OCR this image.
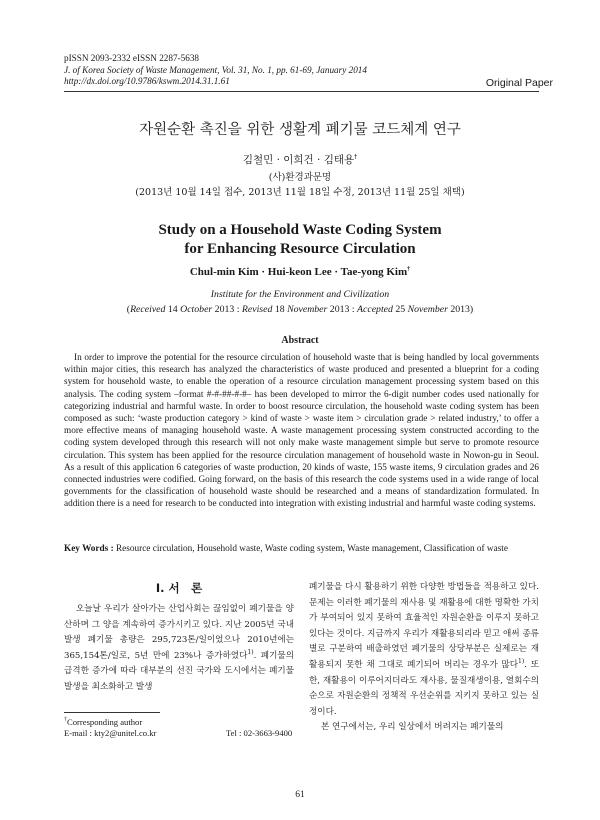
pISSN 2093-2332 eISSN 2287-5638
J. of Korea Society of Waste Management, Vol. 31, No. 1, pp. 61-69, January 2014
http://dx.doi.org/10.9786/kswm.2014.31.1.61	Original Paper
자원순환 촉진을 위한 생활계 폐기물 코드체계 연구
김철민 · 이희건 · 김태용†
(사)환경과문명
(2013년 10월 14일 접수, 2013년 11월 18일 수정, 2013년 11월 25일 채택)
Study on a Household Waste Coding System
for Enhancing Resource Circulation
Chul-min Kim · Hui-keon Lee · Tae-yong Kim†
Institute for the Environment and Civilization
(Received 14 October 2013 : Revised 18 November 2013 : Accepted 25 November 2013)
Abstract

In order to improve the potential for the resource circulation of household waste that is being handled by local governments within major cities, this research has analyzed the characteristics of waste produced and presented a blueprint for a coding system for household waste, to enable the operation of a resource circulation management processing system based on this analysis. The coding system –format #-#-##-#-#– has been developed to mirror the 6-digit number codes used nationally for categorizing industrial and harmful waste. In order to boost resource circulation, the household waste coding system has been composed as such: ‘waste production category > kind of waste > waste item > circulation grade > related industry,’ to offer a more effective means of managing household waste. A waste management processing system constructed according to the coding system developed through this research will not only make waste management simple but serve to promote resource circulation. This system has been applied for the resource circulation management of household waste in Nowon-gu in Seoul. As a result of this application 6 categories of waste production, 20 kinds of waste, 155 waste items, 9 circulation grades and 26 connected industries were codified. Going forward, on the basis of this research the code systems used in a wide range of local governments for the classification of household waste should be researched and a means of standardization formulated. In addition there is a need for research to be conducted into integration with existing industrial and harmful waste coding systems.

Key Words : Resource circulation, Household waste, Waste coding system, Waste management, Classification of waste
I. 서　론

오늘날 우리가 살아가는 산업사회는 끊임없이 폐기물을 양산하며 그 양을 계속하여 증가시키고 있다. 지난 2005년 국내 발생 폐기물 총량은 295,723톤/일이었으나 2010년에는 365,154톤/일로, 5년 만에 23%나 증가하였다$^{1)}$. 폐기물의 급격한 증가에 따라 대부분의 선진 국가와 도시에서는 폐기물 발생을 최소화하고 발생

폐기물을 다시 활용하기 위한 다양한 방법들을 적용하고 있다. 문제는 이러한 폐기물의 재사용 및 재활용에 대한 명확한 가치가 부여되어 있지 못하여 효율적인 자원순환을 이루지 못하고 있다는 것이다. 지금까지 우리가 재활용되리라 믿고 애써 종류별로 구분하여 배출하였던 폐기물의 상당부분은 실제로는 재활용되지 못한 채 그대로 폐기되어 버리는 경우가 많다$^{1)}$. 또한, 재활용이 이루어지더라도 재사용, 물질재생이용, 열회수의 순으로 자원순환의 정책적 우선순위를 지키지 못하고 있는 실정이다.
본 연구에서는, 우리 일상에서 버려지는 폐기물의

†Corresponding author
E-mail : kty2@unitel.co.kr	Tel : 02-3663-9400
61
